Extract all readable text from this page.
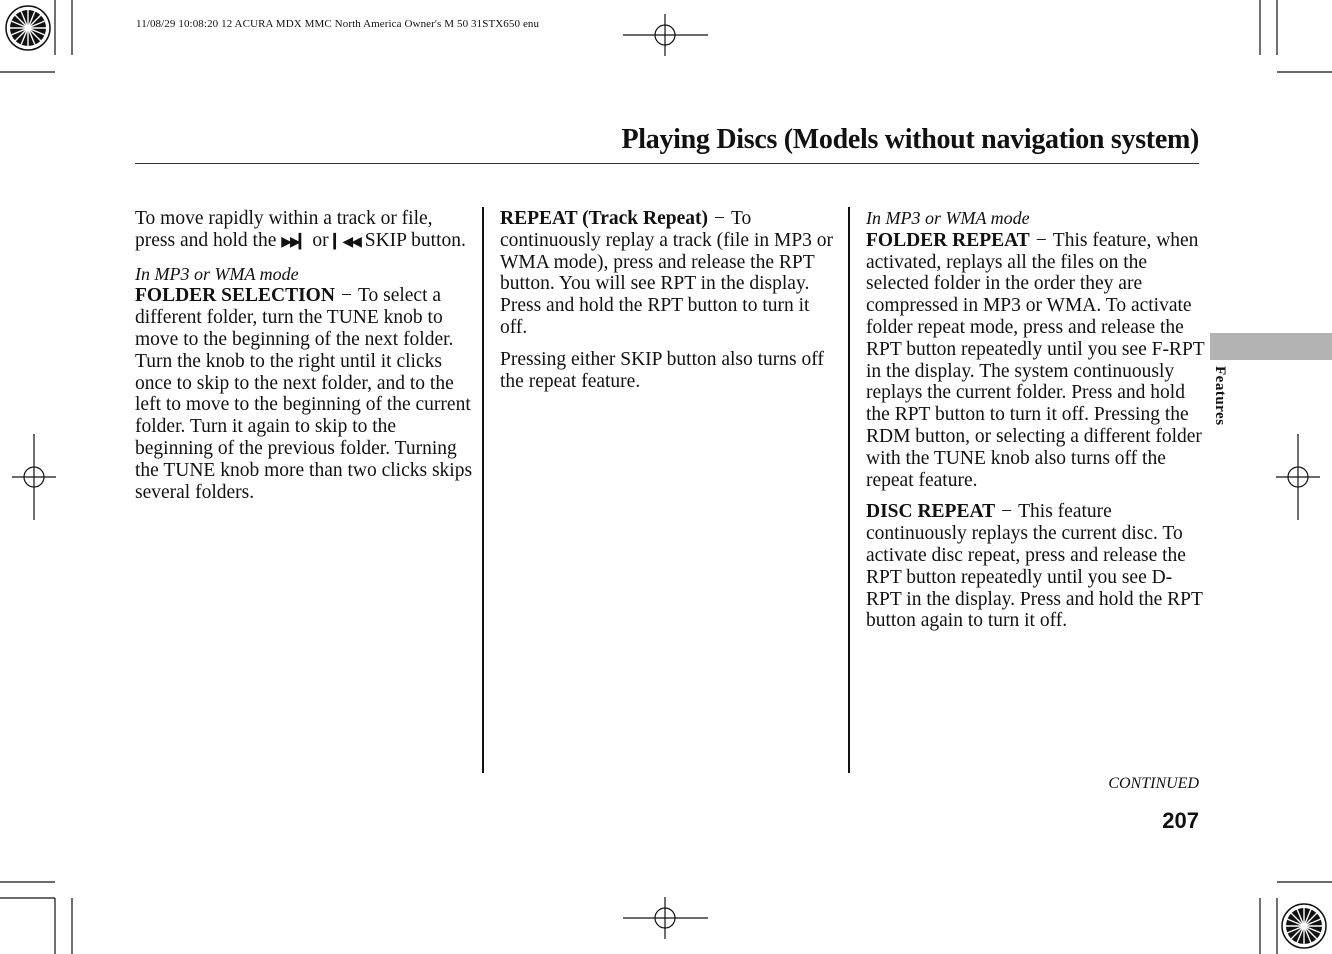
11/08/29 10:08:20 12 ACURA MDX MMC North America Owner's M 50 31STX650 enu
Playing Discs (Models without navigation system)

To move rapidly within a track or file, press and hold the ▶▶▎ or ▎◀◀ SKIP button.

In MP3 or WMA mode
FOLDER SELECTION − To select a different folder, turn the TUNE knob to move to the beginning of the next folder. Turn the knob to the right until it clicks once to skip to the next folder, and to the left to move to the beginning of the current folder. Turn it again to skip to the beginning of the previous folder. Turning the TUNE knob more than two clicks skips several folders.

REPEAT (Track Repeat) − To continuously replay a track (file in MP3 or WMA mode), press and release the RPT button. You will see RPT in the display. Press and hold the RPT button to turn it off.

Pressing either SKIP button also turns off the repeat feature.

In MP3 or WMA mode
FOLDER REPEAT − This feature, when activated, replays all the files on the selected folder in the order they are compressed in MP3 or WMA. To activate folder repeat mode, press and release the RPT button repeatedly until you see F-RPT in the display. The system continuously replays the current folder. Press and hold the RPT button to turn it off. Pressing the RDM button, or selecting a different folder with the TUNE knob also turns off the repeat feature.

DISC REPEAT − This feature continuously replays the current disc. To activate disc repeat, press and release the RPT button repeatedly until you see D-RPT in the display. Press and hold the RPT button again to turn it off.

CONTINUED
207
Features
